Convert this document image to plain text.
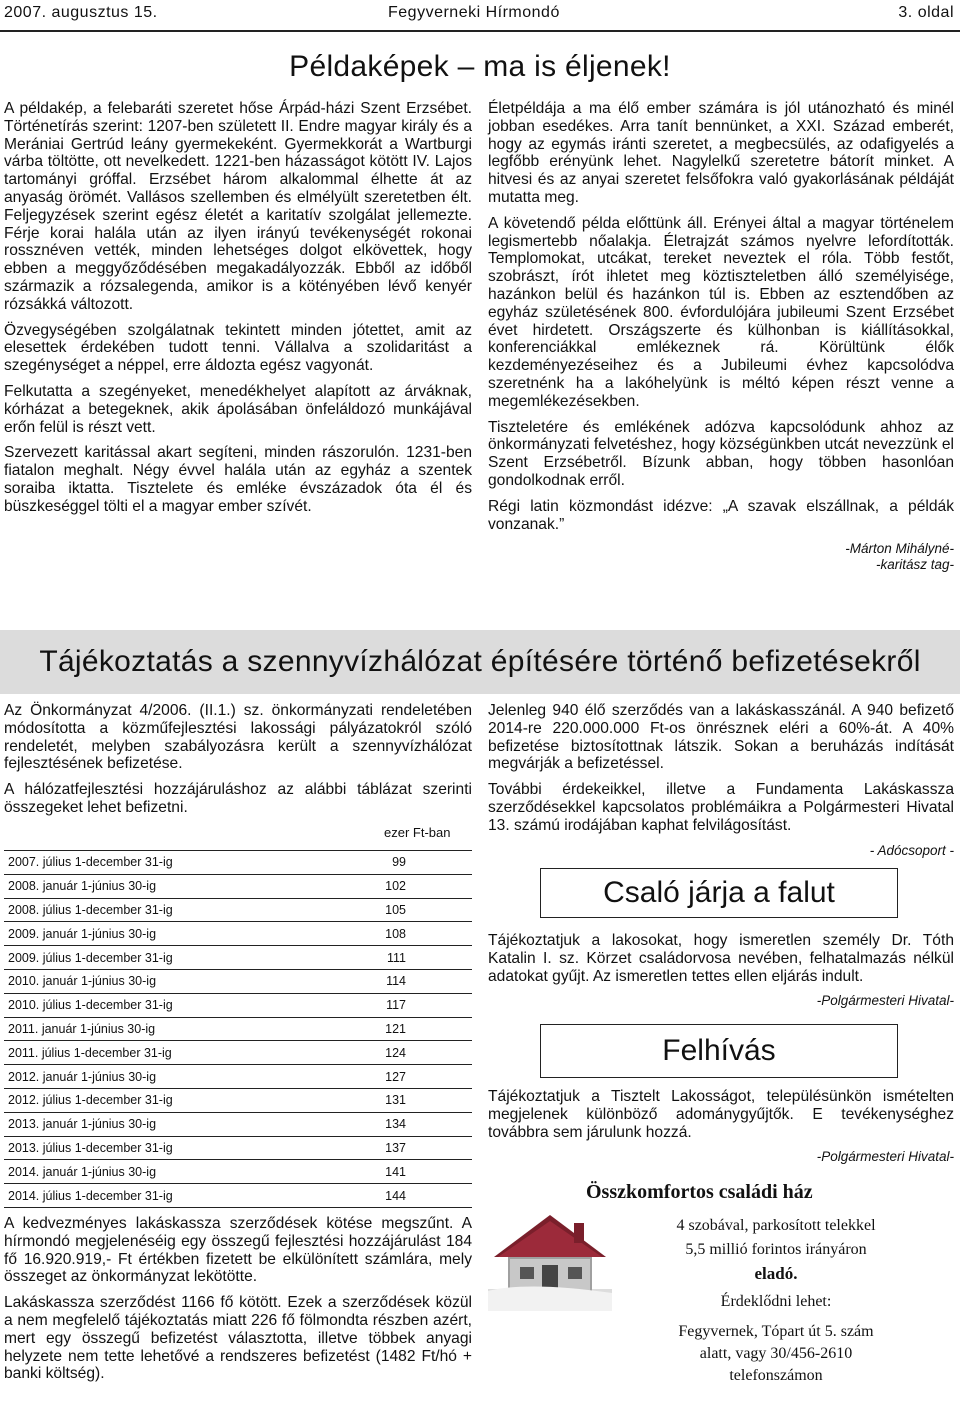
2007. augusztus 15.	Fegyverneki Hírmondó	3. oldal
Példaképek – ma is éljenek!

A példakép, a felebaráti szeretet hőse Árpád-házi Szent Erzsébet. Történetírás szerint: 1207-ben született II. Endre magyar király és a Merániai Gertrúd leány gyermekeként. Gyermekkorát a Wartburgi várba töltötte, ott nevelkedett. 1221-ben házasságot kötött IV. Lajos tartományi gróffal. Erzsébet három alkalommal élhette át az anyaság örömét. Vallásos szellemben és elmélyült szeretetben élt. Feljegyzések szerint egész életét a karitatív szolgálat jellemezte. Férje korai halála után az ilyen irányú tevékenységét rokonai rossznéven vették, minden lehetséges dolgot elkövettek, hogy ebben a meggyőződésében megakadályozzák. Ebből az időből származik a rózsalegenda, amikor is a kötényében lévő kenyér rózsákká változott.

Özvegységében szolgálatnak tekintett minden jótettet, amit az elesettek érdekében tudott tenni. Vállalva a szolidaritást a szegénységet a néppel, erre áldozta egész vagyonát.

Felkutatta a szegényeket, menedékhelyet alapított az árváknak, kórházat a betegeknek, akik ápolásában önfeláldozó munkájával erőn felül is részt vett.

Szervezett karitással akart segíteni, minden rászorulón. 1231-ben fiatalon meghalt. Négy évvel halála után az egyház a szentek soraiba iktatta. Tisztelete és emléke évszázadok óta él és büszkeséggel tölti el a magyar ember szívét.

Életpéldája a ma élő ember számára is jól utánozható és minél jobban esedékes. Arra tanít bennünket, a XXI. Század emberét, hogy az egymás iránti szeretet, a megbecsülés, az odafigyelés a legfőbb erényünk lehet. Nagylelkű szeretetre bátorít minket. A hitvesi és az anyai szeretet felsőfokra való gyakorlásának példáját mutatta meg.

A követendő példa előttünk áll. Erényei által a magyar történelem legismertebb nőalakja. Életrajzát számos nyelvre lefordították. Templomokat, utcákat, tereket neveztek el róla. Több festőt, szobrászt, írót ihletet meg köztiszteletben álló személyisége, hazánkon belül és hazánkon túl is. Ebben az esztendőben az egyház születésének 800. évfordulójára jubileumi Szent Erzsébet évet hirdetett. Országszerte és külhonban is kiállításokkal, konferenciákkal emlékeznek rá. Körültünk élők kezdeményezéseihez és a Jubileumi évhez kapcsolódva szeretnénk ha a lakóhelyünk is méltó képen részt venne a megemlékezésekben.

Tiszteletére és emlékének adózva kapcsolódunk ahhoz az önkormányzati felvetéshez, hogy községünkben utcát nevezzünk el Szent Erzsébetről. Bízunk abban, hogy többen hasonlóan gondolkodnak erről.

Régi latin közmondást idézve: „A szavak elszállnak, a példák vonzanak.”

-Márton Mihályné-
-karitász tag-
Tájékoztatás a szennyvízhálózat építésére történő befizetésekről

Az Önkormányzat 4/2006. (II.1.) sz. önkormányzati rendeletében módosította a közműfejlesztési lakossági pályázatokról szóló rendeletét, melyben szabályozásra került a szennyvízhálózat fejlesztésének befizetése.

A hálózatfejlesztési hozzájáruláshoz az alábbi táblázat szerinti összegeket lehet befizetni.

ezer Ft-ban
2007. július 1-december 31-ig	99
2008. január 1-június 30-ig	102
2008. július 1-december 31-ig	105
2009. január 1-június 30-ig	108
2009. július 1-december 31-ig	111
2010. január 1-június 30-ig	114
2010. július 1-december 31-ig	117
2011. január 1-június 30-ig	121
2011. július 1-december 31-ig	124
2012. január 1-június 30-ig	127
2012. július 1-december 31-ig	131
2013. január 1-június 30-ig	134
2013. július 1-december 31-ig	137
2014. január 1-június 30-ig	141
2014. július 1-december 31-ig	144

A kedvezményes lakáskassza szerződések kötése megszűnt. A hírmondó megjelenéséig egy összegű fejlesztési hozzájárulást 184 fő 16.920.919,- Ft értékben fizetett be elkülönített számlára, mely összeget az önkormányzat lekötötte.

Lakáskassza szerződést 1166 fő kötött. Ezek a szerződések közül a nem megfelelő tájékoztatás miatt 226 fő fölmondta részben azért, mert egy összegű befizetést választotta, illetve többek anyagi helyzete nem tette lehetővé a rendszeres befizetést (1482 Ft/hó + banki költség).

Jelenleg 940 élő szerződés van a lakáskasszánál. A 940 befizető 2014-re 220.000.000 Ft-os önrésznek eléri a 60%-át. A 40% befizetése biztosítottnak látszik. Sokan a beruházás indítását megvárják a befizetéssel.

További érdekeikkel, illetve a Fundamenta Lakáskassza szerződésekkel kapcsolatos problémáikra a Polgármesteri Hivatal 13. számú irodájában kaphat felvilágosítást.

- Adócsoport -
Csaló járja a falut

Tájékoztatjuk a lakosokat, hogy ismeretlen személy Dr. Tóth Katalin I. sz. Körzet családorvosa nevében, felhatalmazás nélkül adatokat gyűjt. Az ismeretlen tettes ellen eljárás indult.

-Polgármesteri Hivatal-
Felhívás

Tájékoztatjuk a Tisztelt Lakosságot, településünkön ismételten megjelenek különböző adománygyűjtők. E tevékenységhez továbbra sem járulunk hozzá.

-Polgármesteri Hivatal-
Összkomfortos családi ház
4 szobával, parkosított telekkel
5,5 millió forintos irányáron
eladó.
Érdeklődni lehet:
Fegyvernek, Tópart út 5. szám
alatt, vagy 30/456-2610
telefonszámon
